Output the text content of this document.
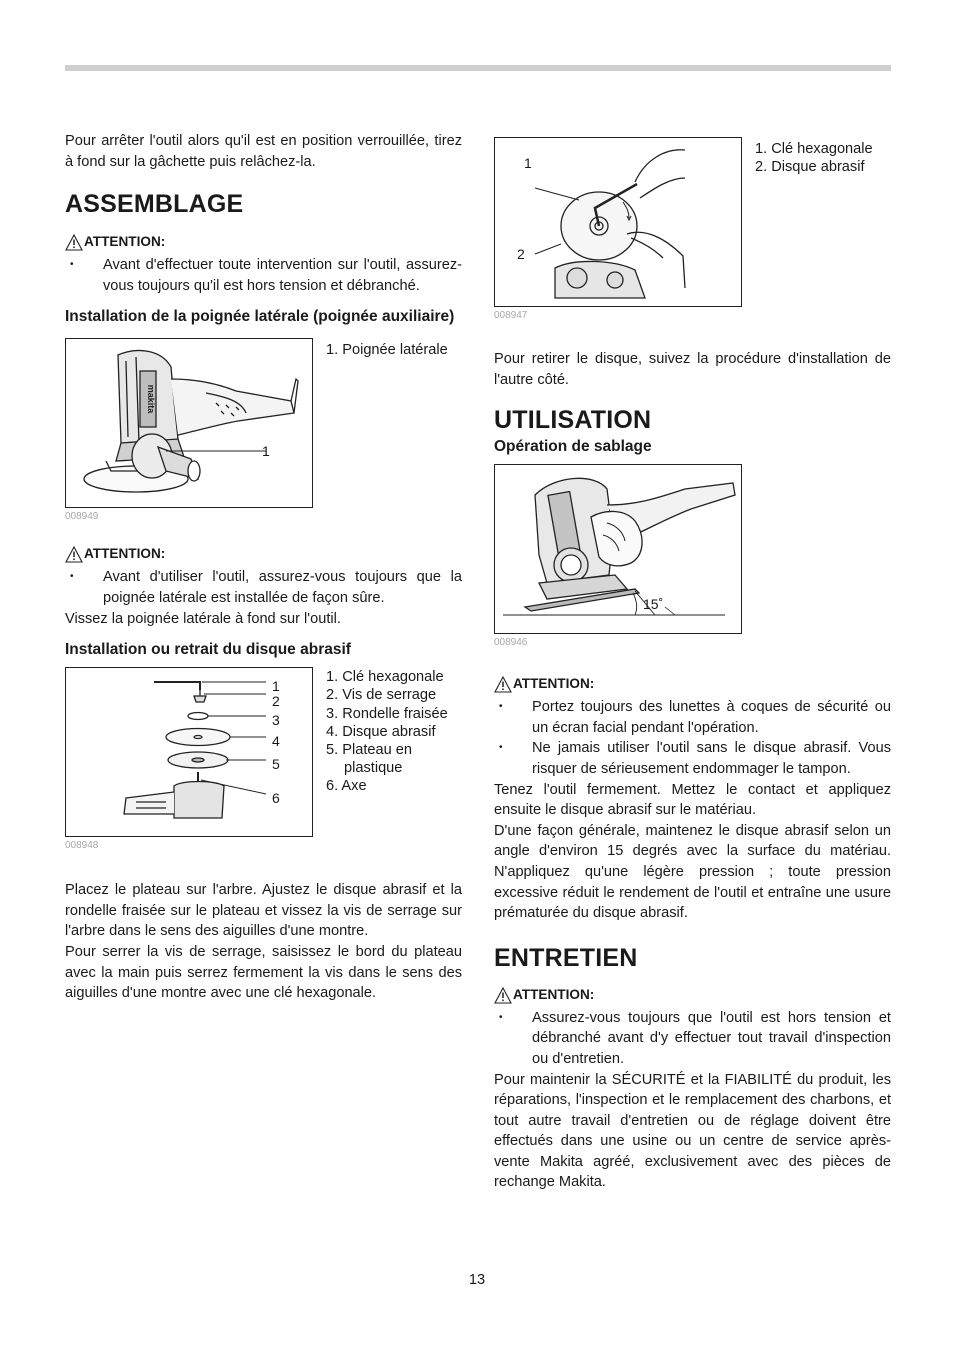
Pour arrêter l'outil alors qu'il est en position verrouillée, tirez à fond sur la gâchette puis relâchez-la.

ASSEMBLAGE
ATTENTION:
• Avant d'effectuer toute intervention sur l'outil, assurez-vous toujours qu'il est hors tension et débranché.
Installation de la poignée latérale (poignée auxiliaire)
makita
1
1. Poignée latérale
008949
ATTENTION:
• Avant d'utiliser l'outil, assurez-vous toujours que la poignée latérale est installée de façon sûre.

Vissez la poignée latérale à fond sur l'outil.

Installation ou retrait du disque abrasif
1
2
3
4
5
6
1. Clé hexagonale
2. Vis de serrage
3. Rondelle fraisée
4. Disque abrasif
5. Plateau en
plastique
6. Axe
008948

Placez le plateau sur l'arbre. Ajustez le disque abrasif et la rondelle fraisée sur le plateau et vissez la vis de serrage sur l'arbre dans le sens des aiguilles d'une montre.

Pour serrer la vis de serrage, saisissez le bord du plateau avec la main puis serrez fermement la vis dans le sens des aiguilles d'une montre avec une clé hexagonale.

1
2
1. Clé hexagonale
2. Disque abrasif
008947

Pour retirer le disque, suivez la procédure d'installation de l'autre côté.

UTILISATION
Opération de sablage
15˚
008946
ATTENTION:
• Portez toujours des lunettes à coques de sécurité ou un écran facial pendant l'opération.
• Ne jamais utiliser l'outil sans le disque abrasif. Vous risquer de sérieusement endommager le tampon.

Tenez l'outil fermement. Mettez le contact et appliquez ensuite le disque abrasif sur le matériau.

D'une façon générale, maintenez le disque abrasif selon un angle d'environ 15 degrés avec la surface du matériau. N'appliquez qu'une légère pression ; toute pression excessive réduit le rendement de l'outil et entraîne une usure prématurée du disque abrasif.

ENTRETIEN
ATTENTION:
• Assurez-vous toujours que l'outil est hors tension et débranché avant d'y effectuer tout travail d'inspection ou d'entretien.

Pour maintenir la SÉCURITÉ et la FIABILITÉ du produit, les réparations, l'inspection et le remplacement des charbons, et tout autre travail d'entretien ou de réglage doivent être effectués dans une usine ou un centre de service après-vente Makita agréé, exclusivement avec des pièces de rechange Makita.

13
